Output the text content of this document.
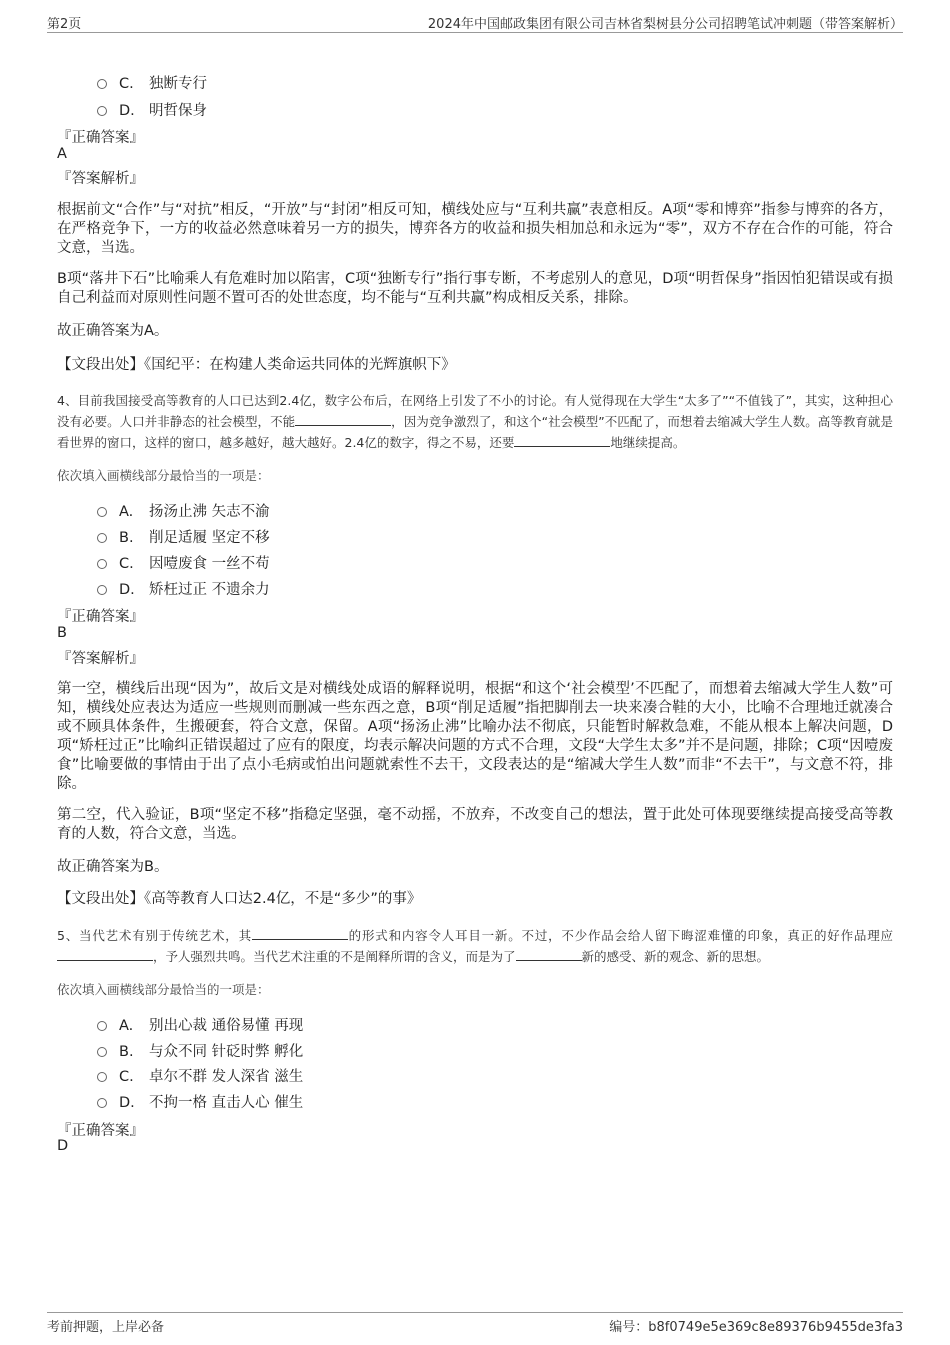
第2页	2024年中国邮政集团有限公司吉林省梨树县分公司招聘笔试冲刺题（带答案解析）
C. 独断专行
D. 明哲保身
『正确答案』
A
『答案解析』
根据前文“合作”与“对抗”相反，“开放”与“封闭”相反可知，横线处应与“互利共赢”表意相反。A项“零和博弈”指参与博弈的各方，在严格竞争下，一方的收益必然意味着另一方的损失，博弈各方的收益和损失相加总和永远为“零”，双方不存在合作的可能，符合文意，当选。
B项“落井下石”比喻乘人有危难时加以陷害，C项“独断专行”指行事专断，不考虑别人的意见，D项“明哲保身”指因怕犯错误或有损自己利益而对原则性问题不置可否的处世态度，均不能与“互利共赢”构成相反关系，排除。
故正确答案为A。
【文段出处】《国纪平：在构建人类命运共同体的光辉旗帜下》
4、目前我国接受高等教育的人口已达到2.4亿，数字公布后，在网络上引发了不小的讨论。有人觉得现在大学生“太多了”“不值钱了”，其实，这种担心没有必要。人口并非静态的社会模型，不能	，因为竞争激烈了，和这个“社会模型”不匹配了，而想着去缩减大学生人数。高等教育就是看世界的窗口，这样的窗口，越多越好，越大越好。2.4亿的数字，得之不易，还要	地继续提高。
依次填入画横线部分最恰当的一项是：
A. 扬汤止沸 矢志不渝
B. 削足适履 坚定不移
C. 因噎废食 一丝不苟
D. 矫枉过正 不遗余力
『正确答案』
B
『答案解析』
第一空，横线后出现“因为”，故后文是对横线处成语的解释说明，根据“和这个‘社会模型’不匹配了，而想着去缩减大学生人数”可知，横线处应表达为适应一些规则而删减一些东西之意，B项“削足适履”指把脚削去一块来凑合鞋的大小，比喻不合理地迁就凑合或不顾具体条件，生搬硬套，符合文意，保留。A项“扬汤止沸”比喻办法不彻底，只能暂时解救急难，不能从根本上解决问题，D项“矫枉过正”比喻纠正错误超过了应有的限度，均表示解决问题的方式不合理，文段“大学生太多”并不是问题，排除；C项“因噎废食”比喻要做的事情由于出了点小毛病或怕出问题就索性不去干，文段表达的是“缩减大学生人数”而非“不去干”，与文意不符，排除。
第二空，代入验证，B项“坚定不移”指稳定坚强，毫不动摇，不放弃，不改变自己的想法，置于此处可体现要继续提高接受高等教育的人数，符合文意，当选。
故正确答案为B。
【文段出处】《高等教育人口达2.4亿，不是“多少”的事》
5、当代艺术有别于传统艺术，其	的形式和内容令人耳目一新。不过，不少作品会给人留下晦涩难懂的印象，真正的好作品理应，予人强烈共鸣。当代艺术注重的不是阐释所谓的含义，而是为了	新的感受、新的观念、新的思想。
依次填入画横线部分最恰当的一项是：
A. 别出心裁 通俗易懂 再现
B. 与众不同 针砭时弊 孵化
C. 卓尔不群 发人深省 滋生
D. 不拘一格 直击人心 催生
『正确答案』
D
考前押题，上岸必备	编号：b8f0749e5e369c8e89376b9455de3fa3
